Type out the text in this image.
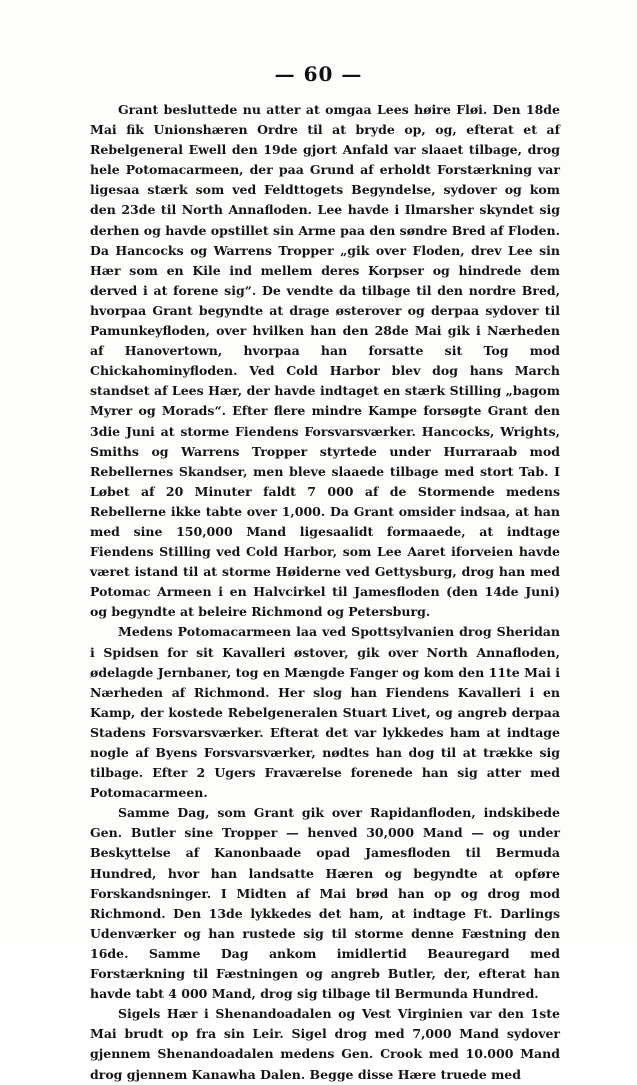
— 60 —

Grant besluttede nu atter at omgaa Lees høire Fløi. Den 18de Mai fik Unionshæren Ordre til at bryde op, og, efterat et af Rebelgeneral Ewell den 19de gjort Anfald var slaaet tilbage, drog hele Potomacarmeen, der paa Grund af erholdt Forstærkning var ligesaa stærk som ved Feldttogets Begyndelse, sydover og kom den 23de til North Annafloden. Lee havde i Ilmarsher skyndet sig derhen og havde opstillet sin Arme paa den søndre Bred af Floden. Da Hancocks og Warrens Tropper „gik over Floden, drev Lee sin Hær som en Kile ind mellem deres Korpser og hindrede dem derved i at forene sig“. De vendte da tilbage til den nordre Bred, hvorpaa Grant begyndte at drage østerover og derpaa sydover til Pamunkeyfloden, over hvilken han den 28de Mai gik i Nærheden af Hanovertown, hvorpaa han forsatte sit Tog mod Chickahominyfloden. Ved Cold Harbor blev dog hans March standset af Lees Hær, der havde indtaget en stærk Stilling „bagom Myrer og Morads“. Efter flere mindre Kampe forsøgte Grant den 3die Juni at storme Fiendens Forsvarsværker. Hancocks, Wrights, Smiths og Warrens Tropper styrtede under Hurraraab mod Rebellernes Skandser, men bleve slaaede tilbage med stort Tab. I Løbet af 20 Minuter faldt 7 000 af de Stormende medens Rebellerne ikke tabte over 1,000. Da Grant omsider indsaa, at han med sine 150,000 Mand ligesaalidt formaaede, at indtage Fiendens Stilling ved Cold Harbor, som Lee Aaret iforveien havde været istand til at storme Høiderne ved Gettysburg, drog han med Potomac Armeen i en Halvcirkel til Jamesfloden (den 14de Juni) og begyndte at beleire Richmond og Petersburg.

Medens Potomacarmeen laa ved Spottsylvanien drog Sheridan i Spidsen for sit Kavalleri østover, gik over North Annafloden, ødelagde Jernbaner, tog en Mængde Fanger og kom den 11te Mai i Nærheden af Richmond. Her slog han Fiendens Kavalleri i en Kamp, der kostede Rebelgeneralen Stuart Livet, og angreb derpaa Stadens Forsvarsværker. Efterat det var lykkedes ham at indtage nogle af Byens Forsvarsværker, nødtes han dog til at trække sig tilbage. Efter 2 Ugers Fraværelse forenede han sig atter med Potomacarmeen.

Samme Dag, som Grant gik over Rapidanfloden, indskibede Gen. Butler sine Tropper — henved 30,000 Mand — og under Beskyttelse af Kanonbaade opad Jamesfloden til Bermuda Hundred, hvor han landsatte Hæren og begyndte at opføre Forskandsninger. I Midten af Mai brød han op og drog mod Richmond. Den 13de lykkedes det ham, at indtage Ft. Darlings Udenværker og han rustede sig til storme denne Fæstning den 16de. Samme Dag ankom imidlertid Beauregard med Forstærkning til Fæstningen og angreb Butler, der, efterat han havde tabt 4 000 Mand, drog sig tilbage til Bermunda Hundred.

Sigels Hær i Shenandoadalen og Vest Virginien var den 1ste Mai brudt op fra sin Leir. Sigel drog med 7,000 Mand sydover gjennem Shenandoadalen medens Gen. Crook med 10.000 Mand drog gjennem Kanawha Dalen. Begge disse Hære truede med
